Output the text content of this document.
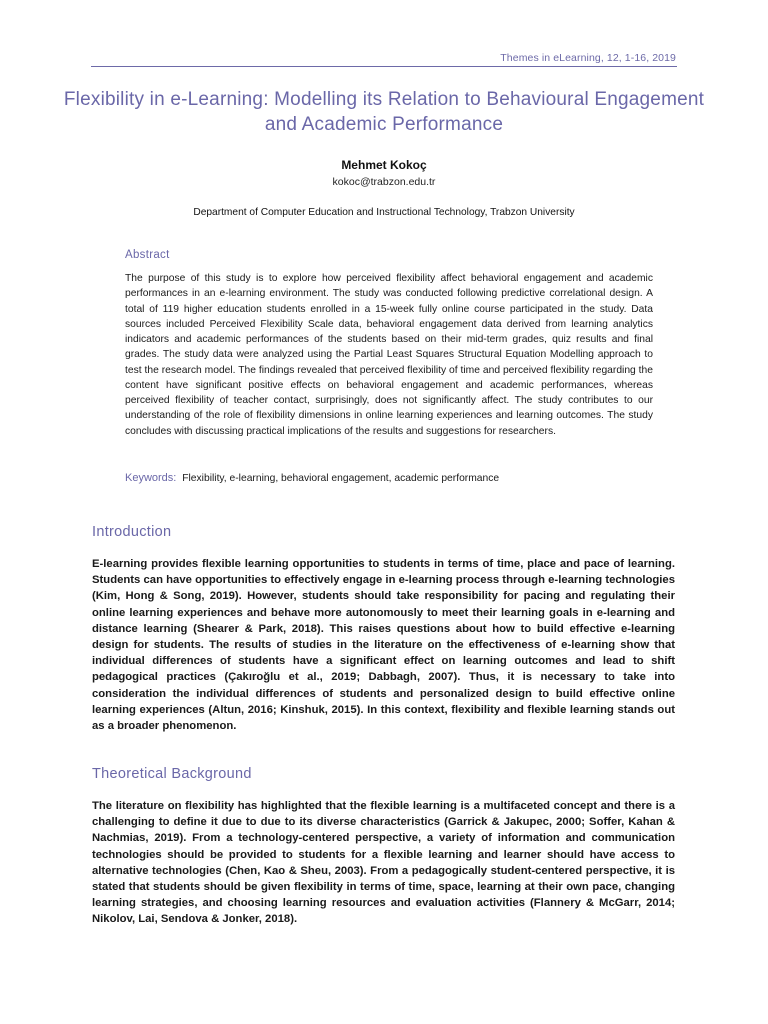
Themes in eLearning, 12, 1-16, 2019
Flexibility in e-Learning: Modelling its Relation to Behavioural Engagement and Academic Performance
Mehmet Kokoç
kokoc@trabzon.edu.tr
Department of Computer Education and Instructional Technology, Trabzon University
Abstract

The purpose of this study is to explore how perceived flexibility affect behavioral engagement and academic performances in an e-learning environment. The study was conducted following predictive correlational design. A total of 119 higher education students enrolled in a 15-week fully online course participated in the study. Data sources included Perceived Flexibility Scale data, behavioral engagement data derived from learning analytics indicators and academic performances of the students based on their mid-term grades, quiz results and final grades. The study data were analyzed using the Partial Least Squares Structural Equation Modelling approach to test the research model. The findings revealed that perceived flexibility of time and perceived flexibility regarding the content have significant positive effects on behavioral engagement and academic performances, whereas perceived flexibility of teacher contact, surprisingly, does not significantly affect. The study contributes to our understanding of the role of flexibility dimensions in online learning experiences and learning outcomes. The study concludes with discussing practical implications of the results and suggestions for researchers.

Keywords: Flexibility, e-learning, behavioral engagement, academic performance
Introduction

E-learning provides flexible learning opportunities to students in terms of time, place and pace of learning. Students can have opportunities to effectively engage in e-learning process through e-learning technologies (Kim, Hong & Song, 2019). However, students should take responsibility for pacing and regulating their online learning experiences and behave more autonomously to meet their learning goals in e-learning and distance learning (Shearer & Park, 2018). This raises questions about how to build effective e-learning design for students. The results of studies in the literature on the effectiveness of e-learning show that individual differences of students have a significant effect on learning outcomes and lead to shift pedagogical practices (Çakıroğlu et al., 2019; Dabbagh, 2007). Thus, it is necessary to take into consideration the individual differences of students and personalized design to build effective online learning experiences (Altun, 2016; Kinshuk, 2015). In this context, flexibility and flexible learning stands out as a broader phenomenon.

Theoretical Background

The literature on flexibility has highlighted that the flexible learning is a multifaceted concept and there is a challenging to define it due to due to its diverse characteristics (Garrick & Jakupec, 2000; Soffer, Kahan & Nachmias, 2019). From a technology-centered perspective, a variety of information and communication technologies should be provided to students for a flexible learning and learner should have access to alternative technologies (Chen, Kao & Sheu, 2003). From a pedagogically student-centered perspective, it is stated that students should be given flexibility in terms of time, space, learning at their own pace, changing learning strategies, and choosing learning resources and evaluation activities (Flannery & McGarr, 2014; Nikolov, Lai, Sendova & Jonker, 2018).
